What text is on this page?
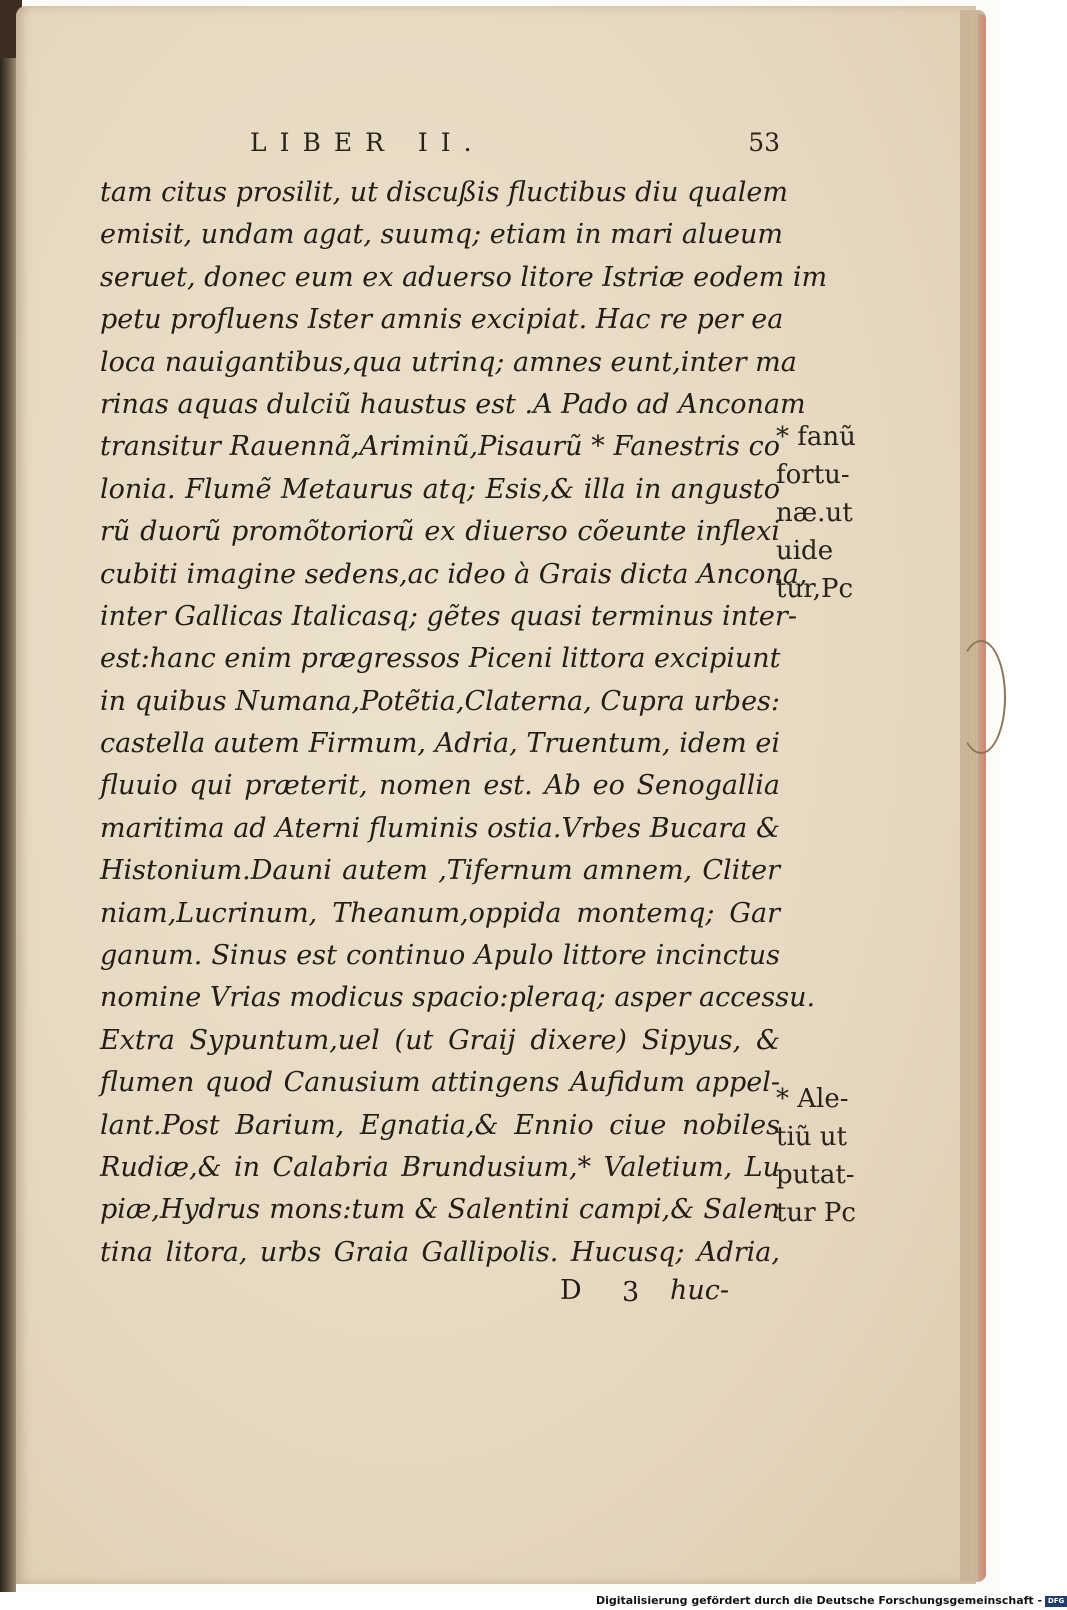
LIBER II.	53
tam citus prosilit, ut discußis fluctibus diu qualem
emisit, undam agat, suumq; etiam in mari alueum
seruet, donec eum ex aduerso litore Istriæ eodem im
petu profluens Ister amnis excipiat. Hac re per ea
loca nauigantibus,qua utrinq; amnes eunt,inter ma
rinas aquas dulciũ haustus est .A Pado ad Anconam
transitur Rauennã,Ariminũ,Pisaurũ * Fanestris co
lonia. Flumẽ Metaurus atq; Esis,& illa in angusto
rũ duorũ promõtoriorũ ex diuerso cõeunte inflexi
cubiti imagine sedens,ac ideo à Grais dicta Ancona,
inter Gallicas Italicasq; gẽtes quasi terminus inter-
est:hanc enim prægressos Piceni littora excipiunt
in quibus Numana,Potẽtia,Claterna, Cupra urbes:
castella autem Firmum, Adria, Truentum, idem ei
fluuio qui præterit, nomen est. Ab eo Senogallia
maritima ad Aterni fluminis ostia.Vrbes Bucara &
Histonium.Dauni autem ,Tifernum amnem, Cliter
niam,Lucrinum, Theanum,oppida montemq; Gar
ganum. Sinus est continuo Apulo littore incinctus
nomine Vrias modicus spacio:pleraq; asper accessu.
Extra Sypuntum,uel (ut Graij dixere) Sipyus, &
flumen quod Canusium attingens Aufidum appel-
lant.Post Barium, Egnatia,& Ennio ciue nobiles
Rudiæ,& in Calabria Brundusium,* Valetium, Lu
piæ,Hydrus mons:tum & Salentini campi,& Salen
tina litora, urbs Graia Gallipolis. Hucusq; Adria,
D 3 huc-
* fanũ
fortu-
næ.ut
uide
tur,Pc
* Ale-
tiũ ut
putat-
tur Pc
Digitalisierung gefördert durch die Deutsche Forschungsgemeinschaft - DFG
